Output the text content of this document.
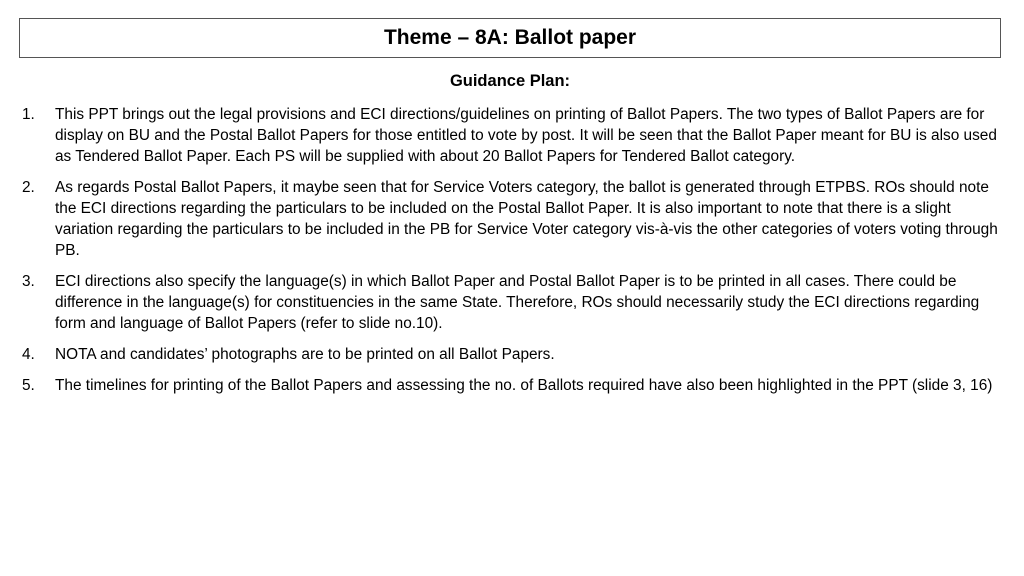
Theme – 8A: Ballot paper
Guidance Plan:
1.	This PPT brings out the legal provisions and ECI directions/guidelines on printing of Ballot Papers. The two types of Ballot Papers are for display on BU and the Postal Ballot Papers for those entitled to vote by post. It will be seen that the Ballot Paper meant for BU is also used as Tendered Ballot Paper. Each PS will be supplied with about 20 Ballot Papers for Tendered Ballot category.
2.	As regards Postal Ballot Papers, it maybe seen that for Service Voters category, the ballot is generated through ETPBS. ROs should note the ECI directions regarding the particulars to be included on the Postal Ballot Paper. It is also important to note that there is a slight variation regarding the particulars to be included in the PB for Service Voter category vis-à-vis the other categories of voters voting through PB.
3.	ECI directions also specify the language(s) in which Ballot Paper and Postal Ballot Paper is to be printed in all cases. There could be difference in the language(s) for constituencies in the same State. Therefore, ROs should necessarily study the ECI directions regarding form and language of Ballot Papers (refer to slide no.10).
4.	NOTA and candidates’ photographs are to be printed on all Ballot Papers.
5.	The timelines for printing of the Ballot Papers and assessing the no. of Ballots required have also been highlighted in the PPT (slide 3, 16)
